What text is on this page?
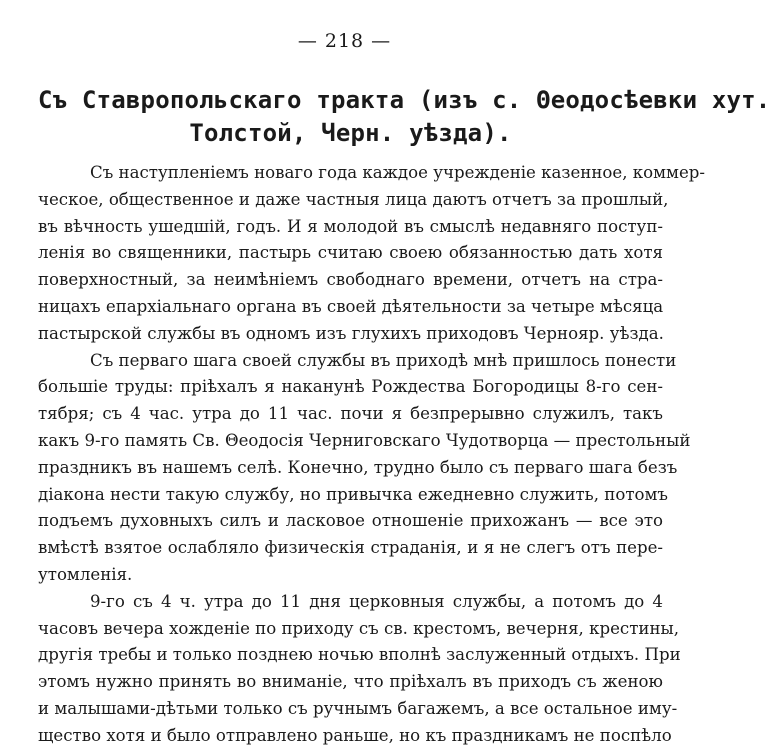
— 218 —
Съ Ставропольскаго тракта (изъ с. Θеодосѣевки хут.
Толстой, Черн. уѣзда).
Съ наступленіемъ новаго года каждое учрежденіе казенное, коммер-
ческое, общественное и даже частныя лица даютъ отчетъ за прошлый,
въ вѣчность ушедшій, годъ. И я молодой въ смыслѣ недавняго поступ-
ленія во священники, пастырь считаю своею обязанностью дать хотя
поверхностный, за неимѣніемъ свободнаго времени, отчетъ на стра-
ницахъ епархіальнаго органа въ своей дѣятельности за четыре мѣсяца
пастырской службы въ одномъ изъ глухихъ приходовъ Чернояр. уѣзда.
Съ перваго шага своей службы въ приходѣ мнѣ пришлось понести
большіе труды: пріѣхалъ я наканунѣ Рождества Богородицы 8-го сен-
тября; съ 4 час. утра до 11 час. почи я безпрерывно служилъ, такъ
какъ 9-го память Св. Θеодосія Черниговскаго Чудотворца — престольный
праздникъ въ нашемъ селѣ. Конечно, трудно было съ перваго шага безъ
діакона нести такую службу, но привычка ежедневно служить, потомъ
подъемъ духовныхъ силъ и ласковое отношеніе прихожанъ — все это
вмѣстѣ взятое ослабляло физическія страданія, и я не слегъ отъ пере-
утомленія.
9-го съ 4 ч. утра до 11 дня церковныя службы, а потомъ до 4
часовъ вечера хожденіе по приходу съ св. крестомъ, вечерня, крестины,
другія требы и только позднею ночью вполнѣ заслуженный отдыхъ. При
этомъ нужно принять во вниманіе, что пріѣхалъ въ приходъ съ женою
и малышами-дѣтьми только съ ручнымъ багажемъ, а все остальное иму-
щество хотя и было отправлено раньше, но къ праздникамъ не поспѣло
